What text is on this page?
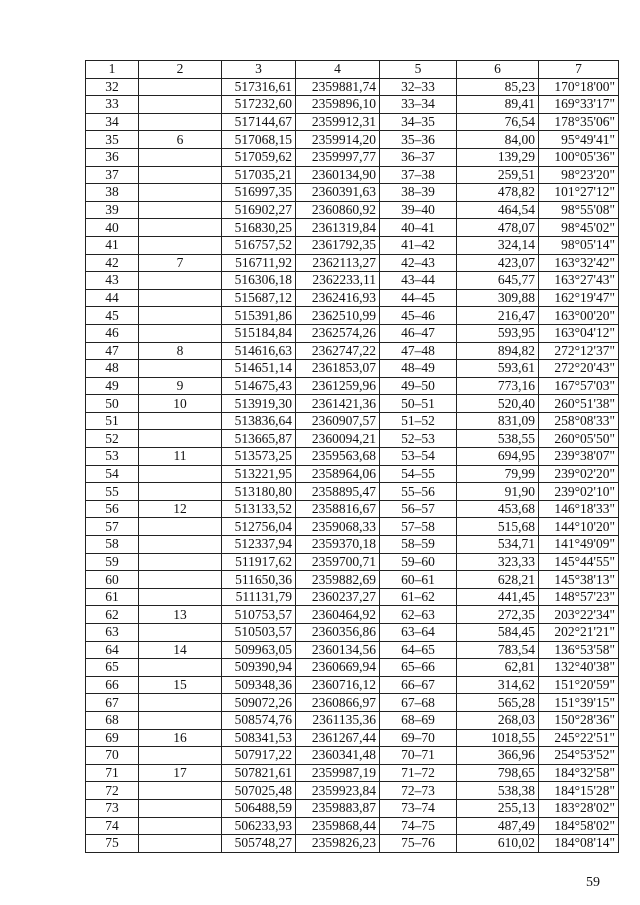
1	2	3	4	5	6	7
32		517316,61	2359881,74	32–33	85,23	170°18'00"
33		517232,60	2359896,10	33–34	89,41	169°33'17"
34		517144,67	2359912,31	34–35	76,54	178°35'06"
35	6	517068,15	2359914,20	35–36	84,00	95°49'41"
36		517059,62	2359997,77	36–37	139,29	100°05'36"
37		517035,21	2360134,90	37–38	259,51	98°23'20"
38		516997,35	2360391,63	38–39	478,82	101°27'12"
39		516902,27	2360860,92	39–40	464,54	98°55'08"
40		516830,25	2361319,84	40–41	478,07	98°45'02"
41		516757,52	2361792,35	41–42	324,14	98°05'14"
42	7	516711,92	2362113,27	42–43	423,07	163°32'42"
43		516306,18	2362233,11	43–44	645,77	163°27'43"
44		515687,12	2362416,93	44–45	309,88	162°19'47"
45		515391,86	2362510,99	45–46	216,47	163°00'20"
46		515184,84	2362574,26	46–47	593,95	163°04'12"
47	8	514616,63	2362747,22	47–48	894,82	272°12'37"
48		514651,14	2361853,07	48–49	593,61	272°20'43"
49	9	514675,43	2361259,96	49–50	773,16	167°57'03"
50	10	513919,30	2361421,36	50–51	520,40	260°51'38"
51		513836,64	2360907,57	51–52	831,09	258°08'33"
52		513665,87	2360094,21	52–53	538,55	260°05'50"
53	11	513573,25	2359563,68	53–54	694,95	239°38'07"
54		513221,95	2358964,06	54–55	79,99	239°02'20"
55		513180,80	2358895,47	55–56	91,90	239°02'10"
56	12	513133,52	2358816,67	56–57	453,68	146°18'33"
57		512756,04	2359068,33	57–58	515,68	144°10'20"
58		512337,94	2359370,18	58–59	534,71	141°49'09"
59		511917,62	2359700,71	59–60	323,33	145°44'55"
60		511650,36	2359882,69	60–61	628,21	145°38'13"
61		511131,79	2360237,27	61–62	441,45	148°57'23"
62	13	510753,57	2360464,92	62–63	272,35	203°22'34"
63		510503,57	2360356,86	63–64	584,45	202°21'21"
64	14	509963,05	2360134,56	64–65	783,54	136°53'58"
65		509390,94	2360669,94	65–66	62,81	132°40'38"
66	15	509348,36	2360716,12	66–67	314,62	151°20'59"
67		509072,26	2360866,97	67–68	565,28	151°39'15"
68		508574,76	2361135,36	68–69	268,03	150°28'36"
69	16	508341,53	2361267,44	69–70	1018,55	245°22'51"
70		507917,22	2360341,48	70–71	366,96	254°53'52"
71	17	507821,61	2359987,19	71–72	798,65	184°32'58"
72		507025,48	2359923,84	72–73	538,38	184°15'28"
73		506488,59	2359883,87	73–74	255,13	183°28'02"
74		506233,93	2359868,44	74–75	487,49	184°58'02"
75		505748,27	2359826,23	75–76	610,02	184°08'14"
59
